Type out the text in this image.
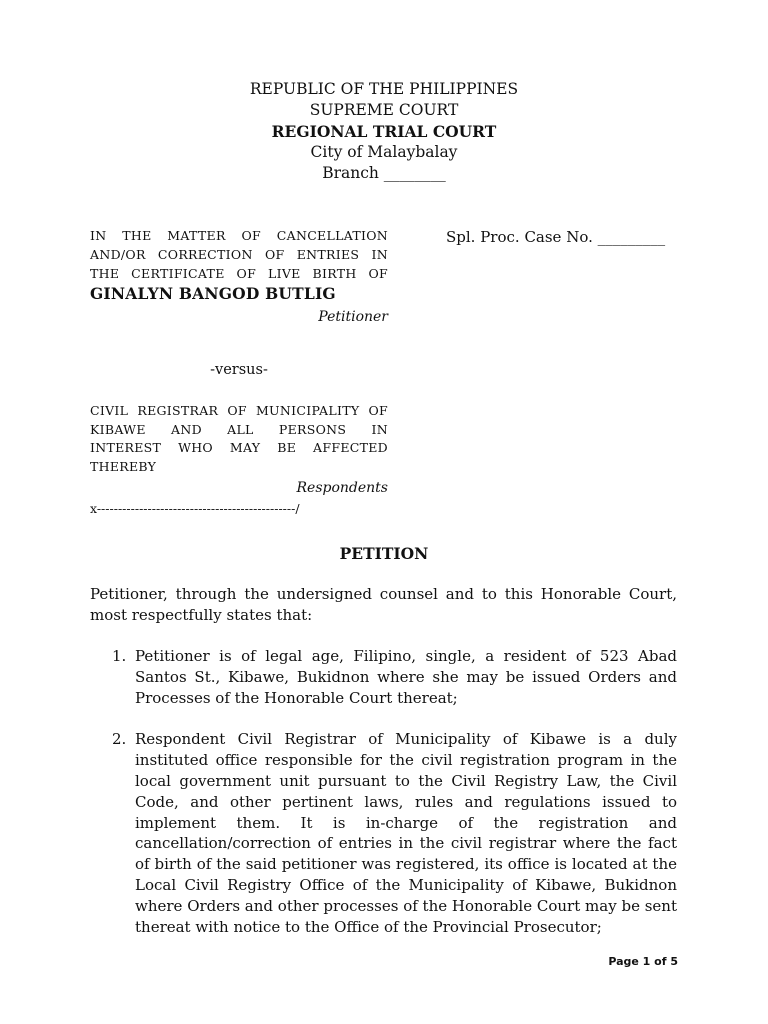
REPUBLIC OF THE PHILIPPINES
SUPREME COURT
REGIONAL TRIAL COURT
City of Malaybalay
Branch ________
IN THE MATTER OF CANCELLATION
AND/OR CORRECTION OF ENTRIES IN
THE CERTIFICATE OF LIVE BIRTH OF
GINALYN BANGOD BUTLIG
Petitioner
Spl. Proc. Case No. _________
-versus-
CIVIL REGISTRAR OF MUNICIPALITY OF
KIBAWE AND ALL PERSONS IN
INTEREST WHO MAY BE AFFECTED
THEREBY
Respondents
x-----------------------------------------------/
PETITION
Petitioner, through the undersigned counsel and to this Honorable Court, most respectfully states that:
1. Petitioner is of legal age, Filipino, single, a resident of 523 Abad Santos St., Kibawe, Bukidnon where she may be issued Orders and Processes of the Honorable Court thereat;
2. Respondent Civil Registrar of Municipality of Kibawe is a duly instituted office responsible for the civil registration program in the local government unit pursuant to the Civil Registry Law, the Civil Code, and other pertinent laws, rules and regulations issued to implement them. It is in-charge of the registration and cancellation/correction of entries in the civil registrar where the fact of birth of the said petitioner was registered, its office is located at the Local Civil Registry Office of the Municipality of Kibawe, Bukidnon where Orders and other processes of the Honorable Court may be sent thereat with notice to the Office of the Provincial Prosecutor;
Page 1 of 5
